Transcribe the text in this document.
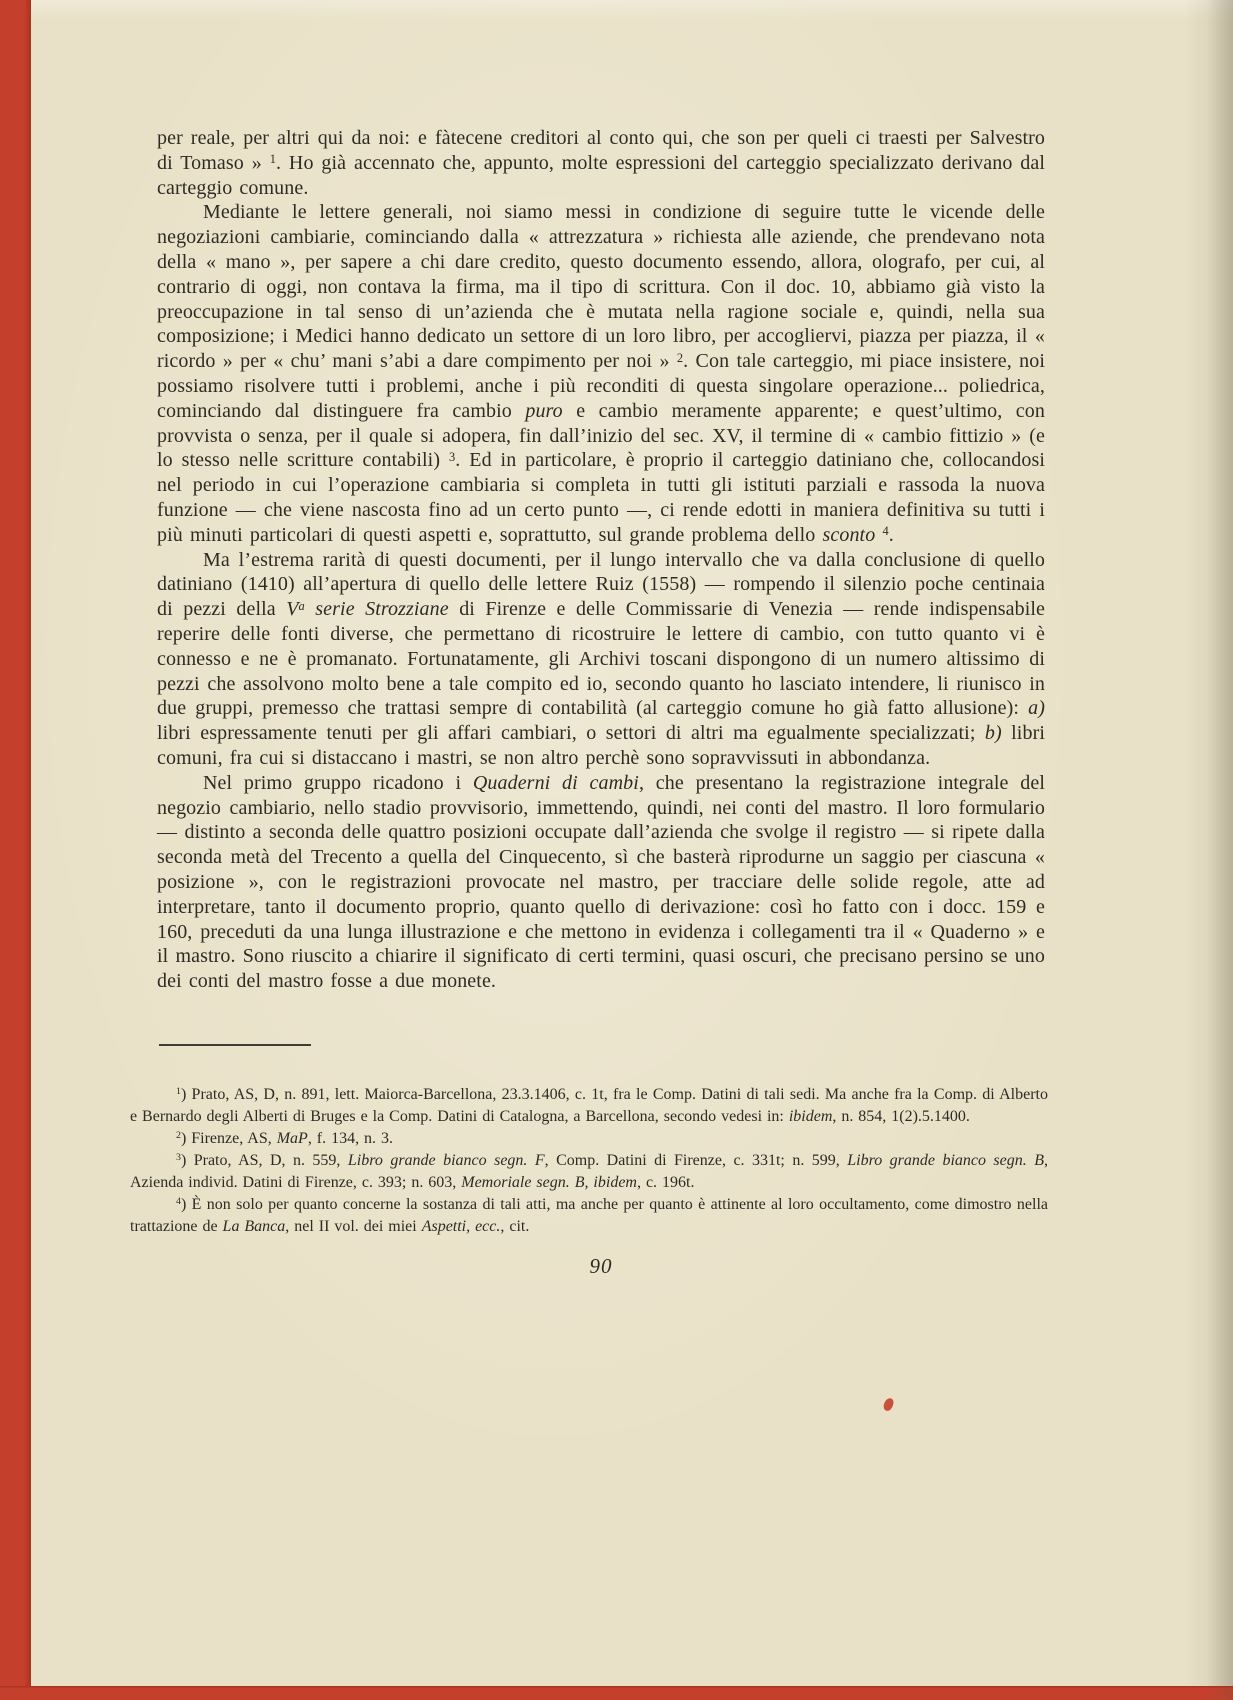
per reale, per altri qui da noi: e fàtecene creditori al conto qui, che son per queli ci traesti per Salvestro di Tomaso » $^1$. Ho già accennato che, appunto, molte espressioni del carteggio specializzato derivano dal carteggio comune.

Mediante le lettere generali, noi siamo messi in condizione di seguire tutte le vicende delle negoziazioni cambiarie, cominciando dalla « attrezzatura » richiesta alle aziende, che prendevano nota della « mano », per sapere a chi dare credito, questo documento essendo, allora, olografo, per cui, al contrario di oggi, non contava la firma, ma il tipo di scrittura. Con il doc. 10, abbiamo già visto la preoccupazione in tal senso di un’azienda che è mutata nella ragione sociale e, quindi, nella sua composizione; i Medici hanno dedicato un settore di un loro libro, per accogliervi, piazza per piazza, il « ricordo » per « chu’ mani s’abi a dare compimento per noi » $^2$. Con tale carteggio, mi piace insistere, noi possiamo risolvere tutti i problemi, anche i più reconditi di questa singolare operazione... poliedrica, cominciando dal distinguere fra cambio puro e cambio meramente apparente; e quest’ultimo, con provvista o senza, per il quale si adopera, fin dall’inizio del sec. XV, il termine di « cambio fittizio » (e lo stesso nelle scritture contabili) $^3$. Ed in particolare, è proprio il carteggio datiniano che, collocandosi nel periodo in cui l’operazione cambiaria si completa in tutti gli istituti parziali e rassoda la nuova funzione — che viene nascosta fino ad un certo punto —, ci rende edotti in maniera definitiva su tutti i più minuti particolari di questi aspetti e, soprattutto, sul grande problema dello sconto $^4$.

Ma l’estrema rarità di questi documenti, per il lungo intervallo che va dalla conclusione di quello datiniano (1410) all’apertura di quello delle lettere Ruiz (1558) — rompendo il silenzio poche centinaia di pezzi della $V^a$ serie Strozziane di Firenze e delle Commissarie di Venezia — rende indispensabile reperire delle fonti diverse, che permettano di ricostruire le lettere di cambio, con tutto quanto vi è connesso e ne è promanato. Fortunatamente, gli Archivi toscani dispongono di un numero altissimo di pezzi che assolvono molto bene a tale compito ed io, secondo quanto ho lasciato intendere, li riunisco in due gruppi, premesso che trattasi sempre di contabilità (al carteggio comune ho già fatto allusione): a) libri espressamente tenuti per gli affari cambiari, o settori di altri ma egualmente specializzati; b) libri comuni, fra cui si distaccano i mastri, se non altro perchè sono sopravvissuti in abbondanza.

Nel primo gruppo ricadono i Quaderni di cambi, che presentano la registrazione integrale del negozio cambiario, nello stadio provvisorio, immettendo, quindi, nei conti del mastro. Il loro formulario — distinto a seconda delle quattro posizioni occupate dall’azienda che svolge il registro — si ripete dalla seconda metà del Trecento a quella del Cinquecento, sì che basterà riprodurne un saggio per ciascuna « posizione », con le registrazioni provocate nel mastro, per tracciare delle solide regole, atte ad interpretare, tanto il documento proprio, quanto quello di derivazione: così ho fatto con i docc. 159 e 160, preceduti da una lunga illustrazione e che mettono in evidenza i collegamenti tra il « Quaderno » e il mastro. Sono riuscito a chiarire il significato di certi termini, quasi oscuri, che precisano persino se uno dei conti del mastro fosse a due monete.

$^1$) Prato, AS, D, n. 891, lett. Maiorca-Barcellona, 23.3.1406, c. 1t, fra le Comp. Datini di tali sedi. Ma anche fra la Comp. di Alberto e Bernardo degli Alberti di Bruges e la Comp. Datini di Catalogna, a Barcellona, secondo vedesi in: ibidem, n. 854, 1(2).5.1400.

$^2$) Firenze, AS, MaP, f. 134, n. 3.

$^3$) Prato, AS, D, n. 559, Libro grande bianco segn. F, Comp. Datini di Firenze, c. 331t; n. 599, Libro grande bianco segn. B, Azienda individ. Datini di Firenze, c. 393; n. 603, Memoriale segn. B, ibidem, c. 196t.

$^4$) È non solo per quanto concerne la sostanza di tali atti, ma anche per quanto è attinente al loro occultamento, come dimostro nella trattazione de La Banca, nel II vol. dei miei Aspetti, ecc., cit.

90
